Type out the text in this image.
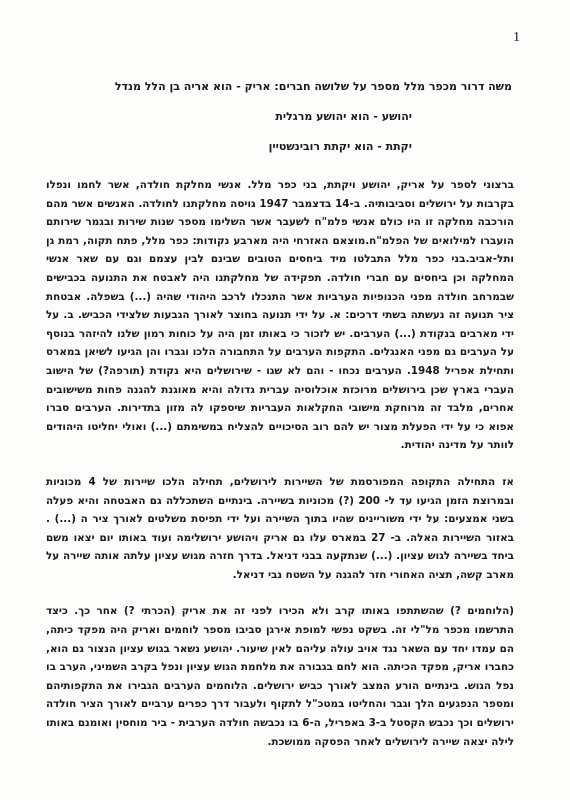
1
משה דרור מכפר מלל מספר על שלושה חברים: אריק - הוא אריה בן הלל מנדל
יהושע - הוא יהושע מרגלית
יקתת - הוא יקתת רובינשטיין

ברצוני לספר על אריק, יהושע ויקתת, בני כפר מלל. אנשי מחלקת חולדה, אשר לחמו ונפלו בקרבות על ירושלים וסביבותיה. ב-14 בדצמבר 1947 גויסה מחלקתנו לחולדה. האנשים אשר מהם הורכבה מחלקה זו היו כולם אנשי פלמ"ח לשעבר אשר השלימו מספר שנות שירות ובגמר שירותם הועברו למילואים של הפלמ"ח.מוצאם האזרחי היה מארבע נקודות: כפר מלל, פתח תקוה, רמת גן ותל-אביב.בני כפר מלל התבלטו מיד ביחסים הטובים שבינם לבין עצמם וגם עם שאר אנשי המחלקה וכן ביחסים עם חברי חולדה. תפקידה של מחלקתנו היה לאבטח את התנועה בכבישים שבמרחב חולדה מפני הכנופיות הערביות אשר התנכלו לרכב היהודי שהיה (...) בשפלה. אבטחת ציר תנועה זה נעשתה בשתי דרכים: א. על ידי תנועה בחוצר לאורך הגבעות שלצידי הכביש. ב. על ידי מארבים בנקודת (...) הערבים. יש לזכור כי באותו זמן היה על כוחות רמון שלנו להיזהר בנוסף על הערבים גם מפני האנגלים. התקפות הערבים על התחבורה הלכו וגברו והן הגיעו לשיאן במארס ותחילת אפריל 1948. הערבים נכחו - והם לא שגו - שירושלים היא נקודת (תורפה?) של הישוב העברי בארץ שכן בירושלים מרוכזת אוכלוסיה עברית גדולה והיא מאוגנת להגנה פחות משישובים אחרים, מלבד זה מרוחקת מישובי החקלאות העבריות שיספקו לה מזון בתדירות. הערבים סברו אפוא כי על ידי הפעלת מצור יש להם רוב הסיכויים להצליח במשימתם (...) ואולי יחליטו היהודים לוותר על מדינה יהודית.

אז התחילה התקופה המפורסמת של השיירות לירושלים, תחילה הלכו שיירות של 4 מכוניות ובמרוצת הזמן הגיעו עד ל- 200 (?) מכוניות בשיירה. בינתיים השתכללה גם האבטחה והיא פעלה בשני אמצעים: על ידי משוריינים שהיו בתוך השיירה ועל ידי תפיסת משלטים לאורך ציר ה (...) . באזור השיירות האלה. ב- 27 במארס עלו גם אריק ויהושע ירושלימה ועוד באותו יום יצאו משם ביחד בשיירה לגוש עציון. (...) שנתקעה בבני דניאל. בדרך חזרה מגוש עציון עלתה אותה שיירה על מארב קשה, תציה האחורי חזר להגנה על השטח נבי דניאל.

(הלוחמים ?) שהשתתפו באותו קרב ולא הכירו לפני זה את אריק (הכרתי ?) אחר כך. כיצד התרשמו מכפר מל"לי זה. בשקט נפשי למופת אירגן סביבו מספר לוחמים ואריק היה מפקד כיתה, הם עמדו יחד עם השאר נגד אויב עולה עליהם לאין שיעור. יהושע נשאר בגוש עציון הנצור גם הוא, כחברו אריק, מפקד הכיתה. הוא לחם בגבורה את מלחמת הגוש עציון ונפל בקרב השמיני, הערב בו נפל הגוש. בינתיים הורע המצב לאורך כביש ירושלים. הלוחמים הערבים הגבירו את התקפותיהם ומספר הנפגעים הלך וגבר והחליטו במטכ"ל לתקוף ולעבור דרך כפרים ערביים לאורך הציר חולדה ירושלים וכך נכבש הקסטל ב-3 באפריל, ה-6 בו נכבשה חולדה הערבית - ביר מוחסין ואומנם באותו לילה יצאה שיירה לירושלים לאחר הפסקה ממושכת.
